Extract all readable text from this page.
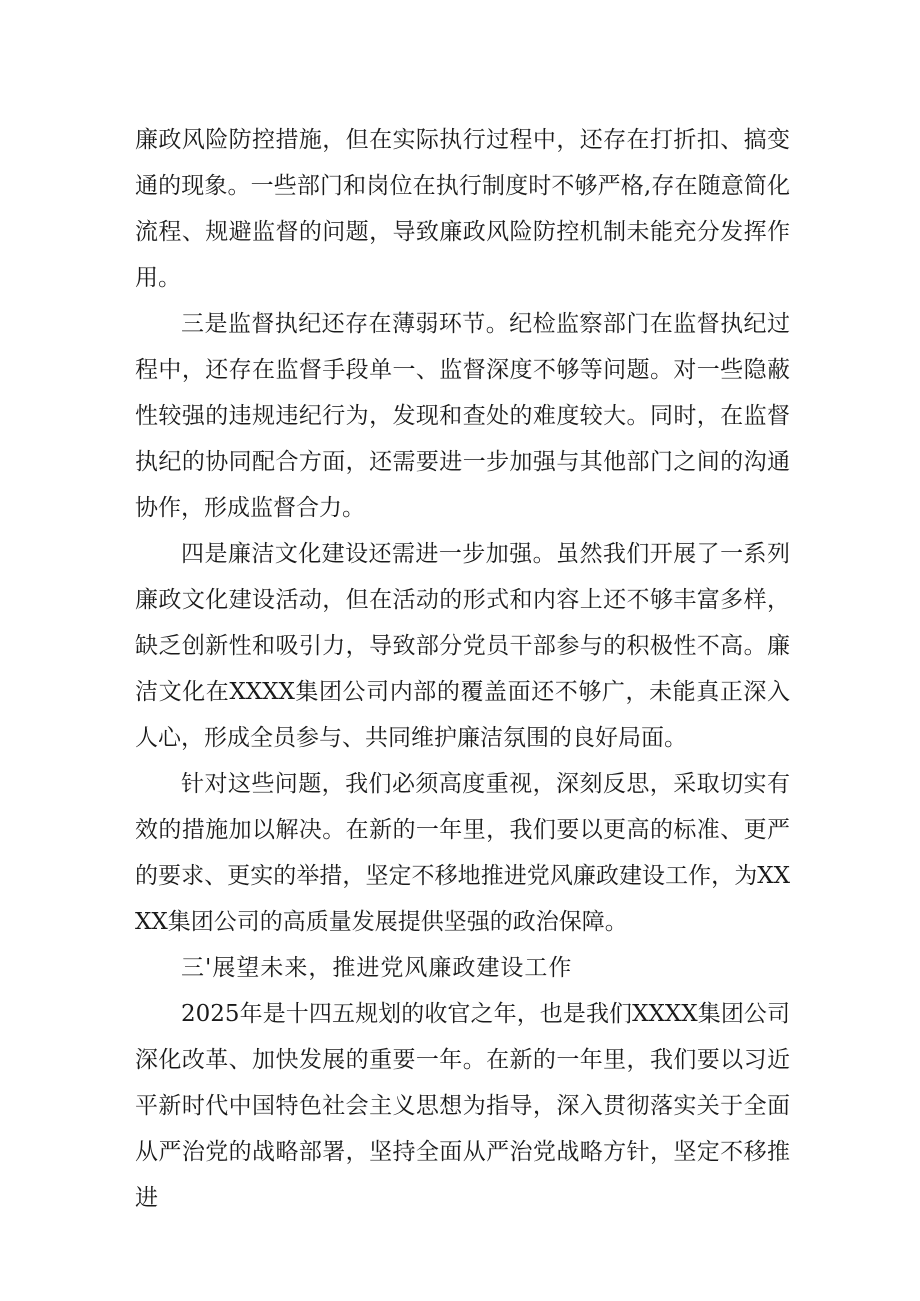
廉政风险防控措施，但在实际执行过程中，还存在打折扣、搞变通的现象。一些部门和岗位在执行制度时不够严格,存在随意简化流程、规避监督的问题，导致廉政风险防控机制未能充分发挥作用。

三是监督执纪还存在薄弱环节。纪检监察部门在监督执纪过程中，还存在监督手段单一、监督深度不够等问题。对一些隐蔽性较强的违规违纪行为，发现和查处的难度较大。同时，在监督执纪的协同配合方面，还需要进一步加强与其他部门之间的沟通协作，形成监督合力。

四是廉洁文化建设还需进一步加强。虽然我们开展了一系列廉政文化建设活动，但在活动的形式和内容上还不够丰富多样，缺乏创新性和吸引力，导致部分党员干部参与的积极性不高。廉洁文化在XXXX集团公司内部的覆盖面还不够广，未能真正深入人心，形成全员参与、共同维护廉洁氛围的良好局面。

针对这些问题，我们必须高度重视，深刻反思，采取切实有效的措施加以解决。在新的一年里，我们要以更高的标准、更严的要求、更实的举措，坚定不移地推进党风廉政建设工作，为XXXX集团公司的高质量发展提供坚强的政治保障。

三'展望未来，推进党风廉政建设工作

2025年是十四五规划的收官之年，也是我们XXXX集团公司深化改革、加快发展的重要一年。在新的一年里，我们要以习近平新时代中国特色社会主义思想为指导，深入贯彻落实关于全面从严治党的战略部署，坚持全面从严治党战略方针，坚定不移推进
